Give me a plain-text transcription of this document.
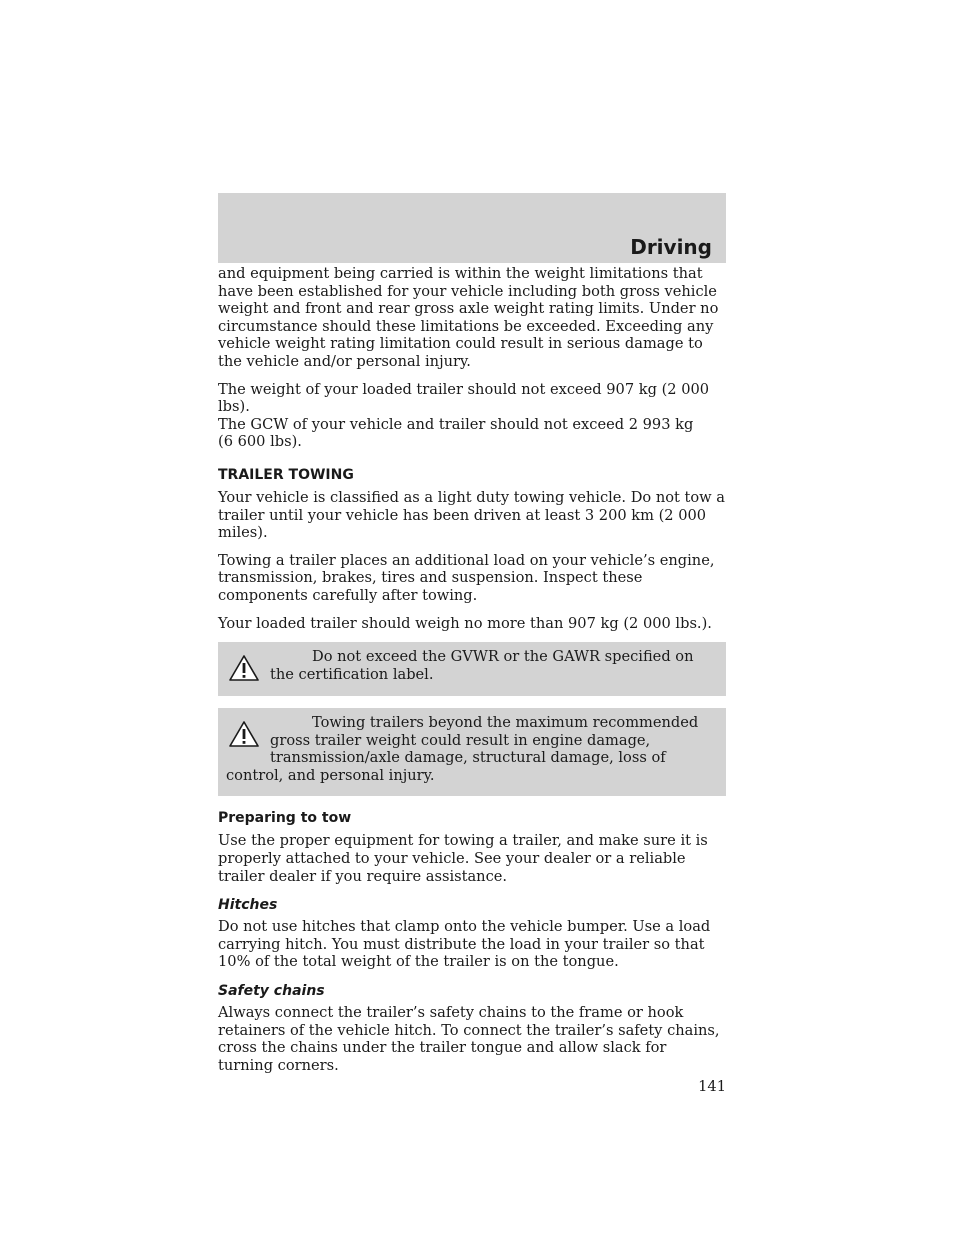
Driving

and equipment being carried is within the weight limitations that have been established for your vehicle including both gross vehicle weight and front and rear gross axle weight rating limits. Under no circumstance should these limitations be exceeded. Exceeding any vehicle weight rating limitation could result in serious damage to the vehicle and/or personal injury.

The weight of your loaded trailer should not exceed 907 kg (2 000 lbs).
The GCW of your vehicle and trailer should not exceed 2 993 kg
(6 600 lbs).

TRAILER TOWING

Your vehicle is classified as a light duty towing vehicle. Do not tow a trailer until your vehicle has been driven at least 3 200 km (2 000 miles).

Towing a trailer places an additional load on your vehicle’s engine, transmission, brakes, tires and suspension. Inspect these components carefully after towing.

Your loaded trailer should weigh no more than 907 kg (2 000 lbs.).

Do not exceed the GVWR or the GAWR specified on the certification label.

Towing trailers beyond the maximum recommended gross trailer weight could result in engine damage, transmission/axle damage, structural damage, loss of control, and personal injury.

Preparing to tow

Use the proper equipment for towing a trailer, and make sure it is properly attached to your vehicle. See your dealer or a reliable trailer dealer if you require assistance.

Hitches

Do not use hitches that clamp onto the vehicle bumper. Use a load carrying hitch. You must distribute the load in your trailer so that 10% of the total weight of the trailer is on the tongue.

Safety chains

Always connect the trailer’s safety chains to the frame or hook retainers of the vehicle hitch. To connect the trailer’s safety chains, cross the chains under the trailer tongue and allow slack for turning corners.

141
